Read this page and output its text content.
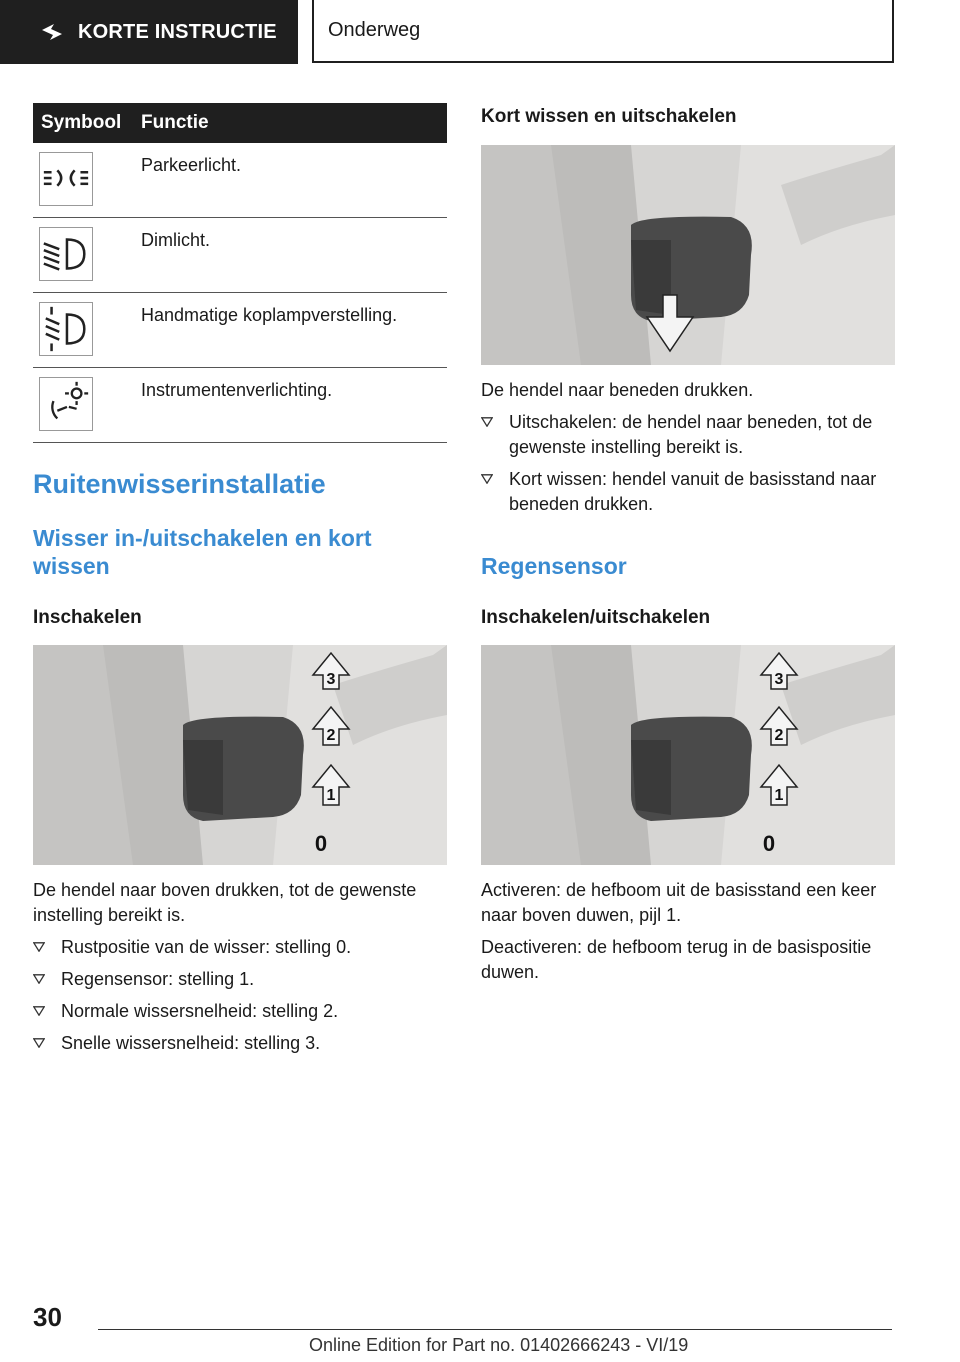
KORTE INSTRUCTIE	Onderweg
Symbool	Functie
Parkeerlicht.
Dimlicht.
Handmatige koplampverstelling.
Instrumentenverlichting.
Ruitenwisserinstallatie
Wisser in-/uitschakelen en kort wissen
Inschakelen
3
2
1
0
De hendel naar boven drukken, tot de gewenste instelling bereikt is.
Rustpositie van de wisser: stelling 0.
Regensensor: stelling 1.
Normale wissersnelheid: stelling 2.
Snelle wissersnelheid: stelling 3.
Kort wissen en uitschakelen
De hendel naar beneden drukken.
Uitschakelen: de hendel naar beneden, tot de gewenste instelling bereikt is.
Kort wissen: hendel vanuit de basisstand naar beneden drukken.
Regensensor
Inschakelen/uitschakelen
3
2
1
0
Activeren: de hefboom uit de basisstand een keer naar boven duwen, pijl 1.
Deactiveren: de hefboom terug in de basispositie duwen.
30
Online Edition for Part no. 01402666243 - VI/19
